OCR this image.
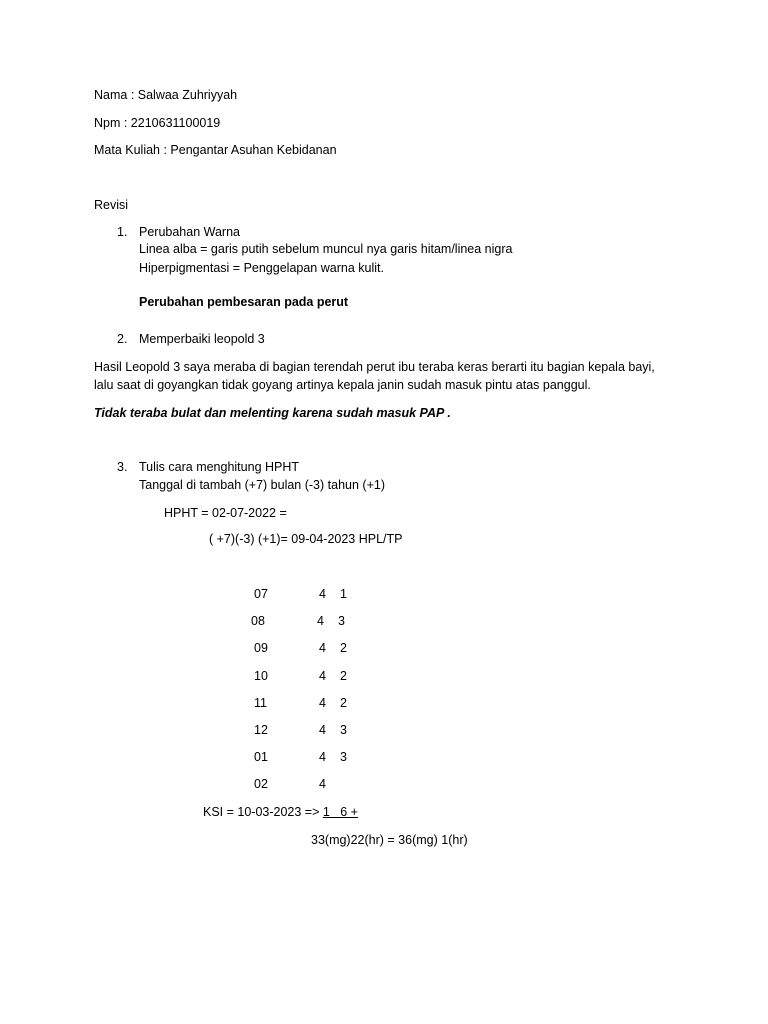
Nama : Salwaa Zuhriyyah
Npm : 2210631100019
Mata Kuliah : Pengantar Asuhan Kebidanan
Revisi
1. Perubahan Warna
Linea alba = garis putih sebelum muncul nya garis hitam/linea nigra
Hiperpigmentasi = Penggelapan warna kulit.
Perubahan pembesaran pada perut
2. Memperbaiki leopold 3
Hasil Leopold 3 saya meraba di bagian terendah perut ibu teraba keras berarti itu bagian kepala bayi,
lalu saat di goyangkan tidak goyang artinya kepala janin sudah masuk pintu atas panggul.
Tidak teraba bulat dan melenting karena sudah masuk PAP .
3. Tulis cara menghitung HPHT
Tanggal di tambah (+7) bulan (-3) tahun (+1)
HPHT = 02-07-2022 =
( +7)(-3) (+1)= 09-04-2023 HPL/TP
07	4 1
08	4 3
09	4 2
10	4 2
11	4 2
12	4 3
01	4 3
02	4
KSI = 10-03-2023 => 1   6 +
33(mg)22(hr) = 36(mg) 1(hr)
